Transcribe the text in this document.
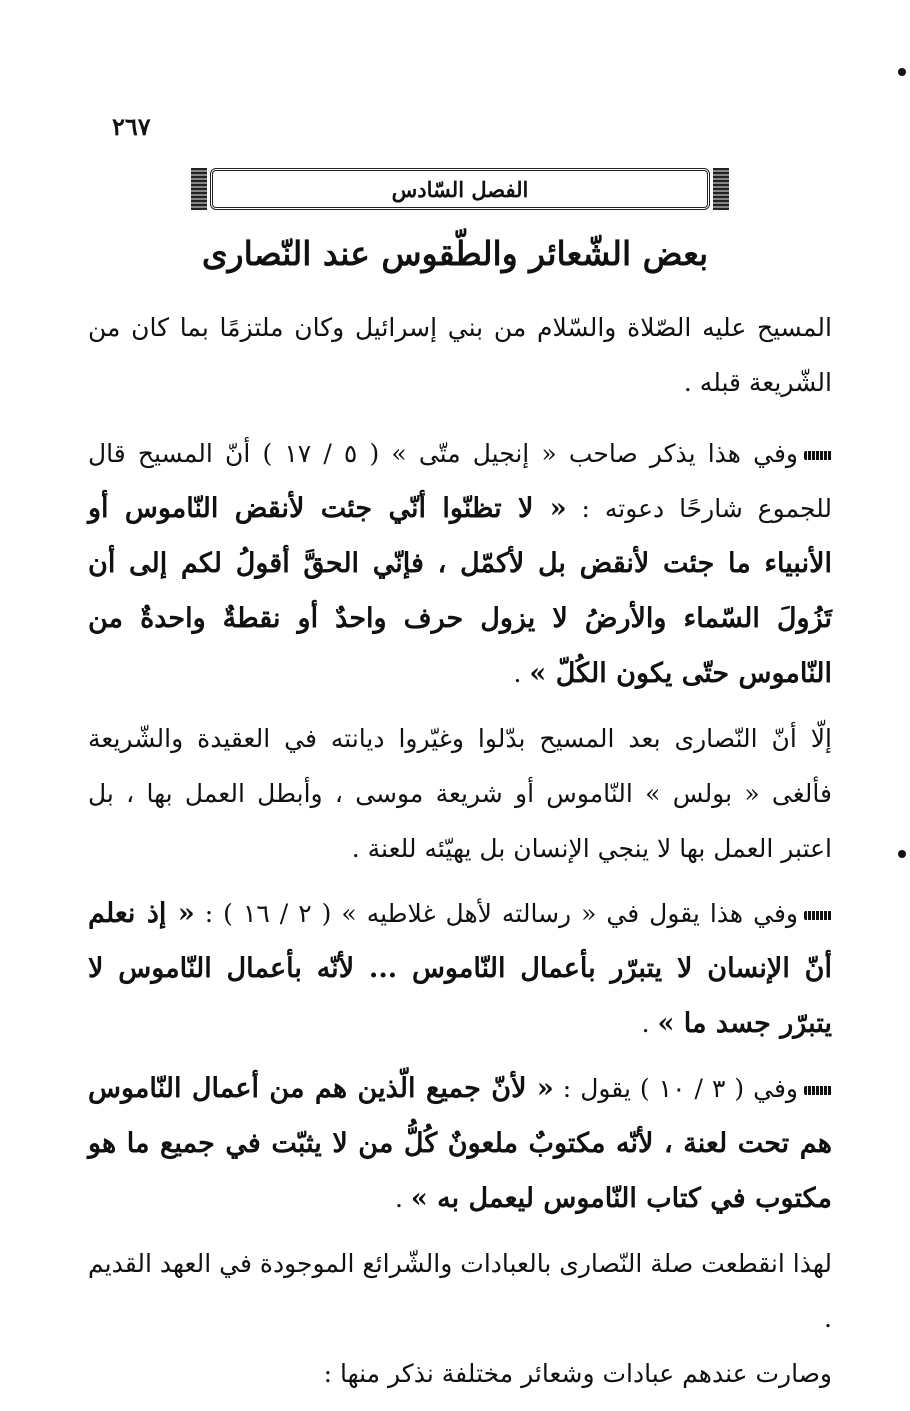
٢٦٧
الفصل السّادس
بعض الشّعائر والطّقوس عند النّصارى

المسيح عليه الصّلاة والسّلام من بني إسرائيل وكان ملتزمًا بما كان من الشّريعة قبله .

وفي هذا يذكر صاحب « إنجيل متّى » ( ٥ / ١٧ ) أنّ المسيح قال للجموع شارحًا دعوته : « لا تظنّوا أنّي جئت لأنقض النّاموس أو الأنبياء ما جئت لأنقض بل لأكمّل ، فإنّي الحقَّ أقولُ لكم إلى أن تَزُولَ السّماء والأرضُ لا يزول حرف واحدٌ أو نقطةٌ واحدةٌ من النّاموس حتّى يكون الكُلّ » .

إلّا أنّ النّصارى بعد المسيح بدّلوا وغيّروا ديانته في العقيدة والشّريعة فألغى « بولس » النّاموس أو شريعة موسى ، وأبطل العمل بها ، بل اعتبر العمل بها لا ينجي الإنسان بل يهيّئه للعنة .

وفي هذا يقول في « رسالته لأهل غلاطيه » ( ٢ / ١٦ ) : « إذ نعلم أنّ الإنسان لا يتبرّر بأعمال النّاموس ... لأنّه بأعمال النّاموس لا يتبرّر جسد ما » .

وفي ( ٣ / ١٠ ) يقول : « لأنّ جميع الّذين هم من أعمال النّاموس هم تحت لعنة ، لأنّه مكتوبٌ ملعونٌ كُلُّ من لا يثبّت في جميع ما هو مكتوب في كتاب النّاموس ليعمل به » .

لهذا انقطعت صلة النّصارى بالعبادات والشّرائع الموجودة في العهد القديم .

وصارت عندهم عبادات وشعائر مختلفة نذكر منها :
